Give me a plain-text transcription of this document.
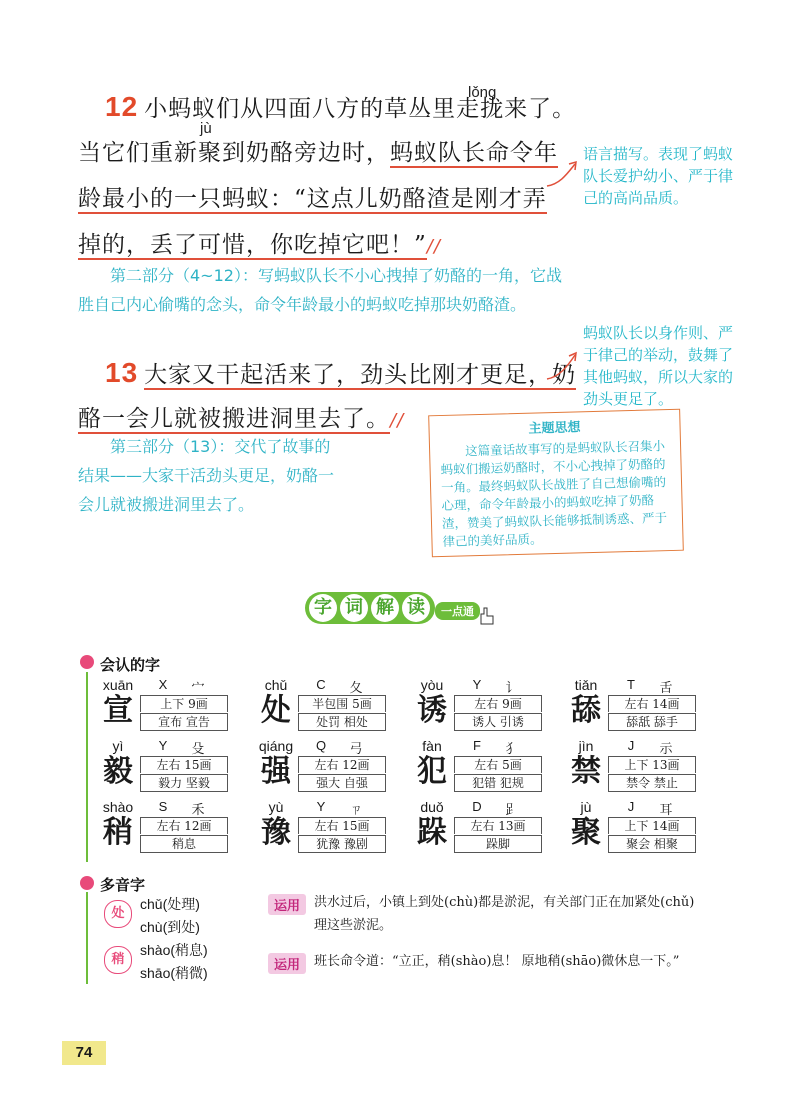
12 小蚂蚁们从四面八方的草丛里走拢来了。
lǒng
当它们重新聚到奶酪旁边时，蚂蚁队长命令年
jù
龄最小的一只蚂蚁：“这点儿奶酪渣是刚才弄
掉的，丢了可惜，你吃掉它吧！”//
语言描写。表现了蚂蚁队长爱护幼小、严于律己的高尚品质。
第二部分（4~12）：写蚂蚁队长不小心拽掉了奶酪的一角，它战胜自己内心偷嘴的念头，命令年龄最小的蚂蚁吃掉那块奶酪渣。
13 大家又干起活来了，劲头比刚才更足，奶
酪一会儿就被搬进洞里去了。//
蚂蚁队长以身作则、严于律己的举动，鼓舞了其他蚂蚁，所以大家的劲头更足了。
第三部分（13）：交代了故事的结果——大家干活劲头更足，奶酪一会儿就被搬进洞里去了。
主题思想
这篇童话故事写的是蚂蚁队长召集小蚂蚁们搬运奶酪时，不小心拽掉了奶酪的一角。最终蚂蚁队长战胜了自己想偷嘴的心理，命令年龄最小的蚂蚁吃掉了奶酪渣，赞美了蚂蚁队长能够抵制诱惑、严于律己的美好品质。
字 词 解 读	一点通
会认的字
xuān
宣
X	宀
上下 9画
宣布 宣告
chǔ
处
C	夂
半包围 5画
处罚 相处
yòu
诱
Y	讠
左右 9画
诱人 引诱
tiǎn
舔
T	舌
左右 14画
舔舐 舔手
yì
毅
Y	殳
左右 15画
毅力 坚毅
qiáng
强
Q	弓
左右 12画
强大 自强
fàn
犯
F	犭
左右 5画
犯错 犯规
jìn
禁
J	示
上下 13画
禁令 禁止
shào
稍
S	禾
左右 12画
稍息
yù
豫
Y	ㄗ
左右 15画
犹豫 豫剧
duǒ
跺
D	𧾷
左右 13画
跺脚
jù
聚
J	耳
上下 14画
聚会 相聚
多音字
处
chǔ(处理)
chù(到处)
运用	洪水过后，小镇上到处(chù)都是淤泥，有关部门正在加紧处(chǔ)
理这些淤泥。
稍
shào(稍息)
shāo(稍微)	运用	班长命令道：“立正，稍(shào)息！ 原地稍(shāo)微休息一下。”
74
